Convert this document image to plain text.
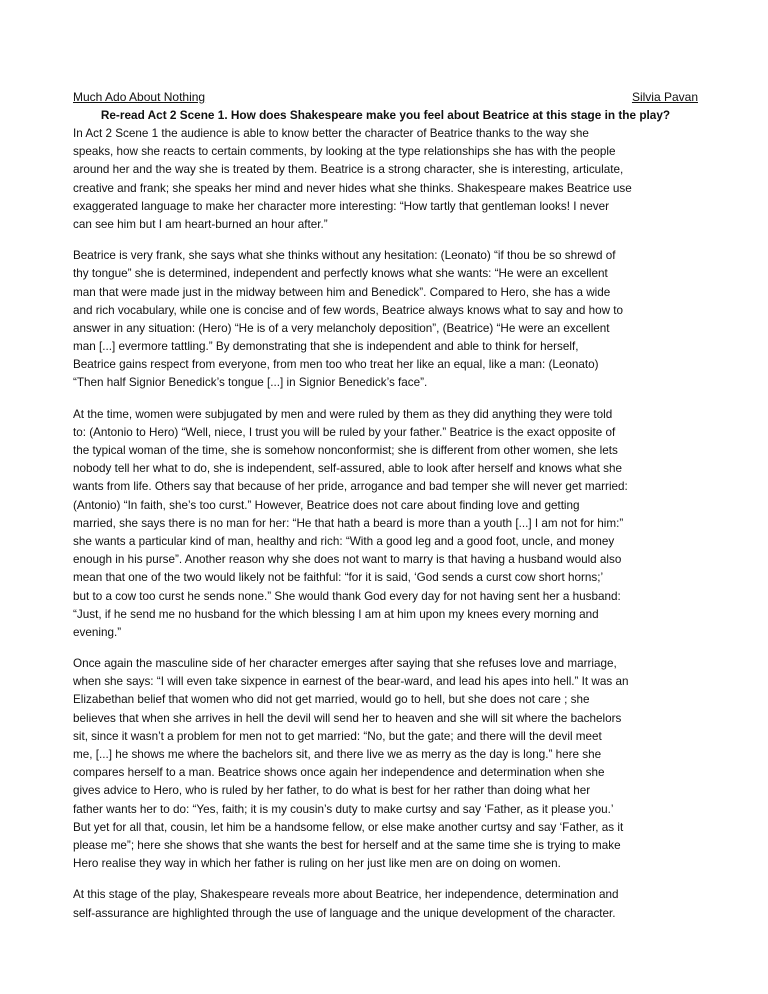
Much Ado About Nothing	Silvia Pavan
Re-read Act 2 Scene 1. How does Shakespeare make you feel about Beatrice at this stage in the play?
In Act 2 Scene 1 the audience is able to know better the character of Beatrice thanks to the way she
speaks, how she reacts to certain comments, by looking at the type relationships she has with the people
around her and the way she is treated by them. Beatrice is a strong character, she is interesting, articulate,
creative and frank; she speaks her mind and never hides what she thinks. Shakespeare makes Beatrice use
exaggerated language to make her character more interesting: “How tartly that gentleman looks! I never
can see him but I am heart-burned an hour after.”
Beatrice is very frank, she says what she thinks without any hesitation: (Leonato) “if thou be so shrewd of
thy tongue” she is determined, independent and perfectly knows what she wants: “He were an excellent
man that were made just in the midway between him and Benedick”. Compared to Hero, she has a wide
and rich vocabulary, while one is concise and of few words, Beatrice always knows what to say and how to
answer in any situation: (Hero) “He is of a very melancholy deposition”, (Beatrice) “He were an excellent
man [...] evermore tattling.” By demonstrating that she is independent and able to think for herself,
Beatrice gains respect from everyone, from men too who treat her like an equal, like a man: (Leonato)
“Then half Signior Benedick’s tongue [...] in Signior Benedick’s face”.
At the time, women were subjugated by men and were ruled by them as they did anything they were told
to: (Antonio to Hero) “Well, niece, I trust you will be ruled by your father.” Beatrice is the exact opposite of
the typical woman of the time, she is somehow nonconformist; she is different from other women, she lets
nobody tell her what to do, she is independent, self-assured, able to look after herself and knows what she
wants from life. Others say that because of her pride, arrogance and bad temper she will never get married:
(Antonio) “In faith, she’s too curst.” However, Beatrice does not care about finding love and getting
married, she says there is no man for her: “He that hath a beard is more than a youth [...] I am not for him:”
she wants a particular kind of man, healthy and rich: “With a good leg and a good foot, uncle, and money
enough in his purse”. Another reason why she does not want to marry is that having a husband would also
mean that one of the two would likely not be faithful: “for it is said, ‘God sends a curst cow short horns;’
but to a cow too curst he sends none.” She would thank God every day for not having sent her a husband:
“Just, if he send me no husband for the which blessing I am at him upon my knees every morning and
evening.”
Once again the masculine side of her character emerges after saying that she refuses love and marriage,
when she says: “I will even take sixpence in earnest of the bear-ward, and lead his apes into hell.” It was an
Elizabethan belief that women who did not get married, would go to hell, but she does not care ; she
believes that when she arrives in hell the devil will send her to heaven and she will sit where the bachelors
sit, since it wasn’t a problem for men not to get married: “No, but the gate; and there will the devil meet
me, [...] he shows me where the bachelors sit, and there live we as merry as the day is long.” here she
compares herself to a man. Beatrice shows once again her independence and determination when she
gives advice to Hero, who is ruled by her father, to do what is best for her rather than doing what her
father wants her to do: “Yes, faith; it is my cousin’s duty to make curtsy and say ‘Father, as it please you.’
But yet for all that, cousin, let him be a handsome fellow, or else make another curtsy and say ‘Father, as it
please me”; here she shows that she wants the best for herself and at the same time she is trying to make
Hero realise they way in which her father is ruling on her just like men are on doing on women.
At this stage of the play, Shakespeare reveals more about Beatrice, her independence, determination and
self-assurance are highlighted through the use of language and the unique development of the character.
